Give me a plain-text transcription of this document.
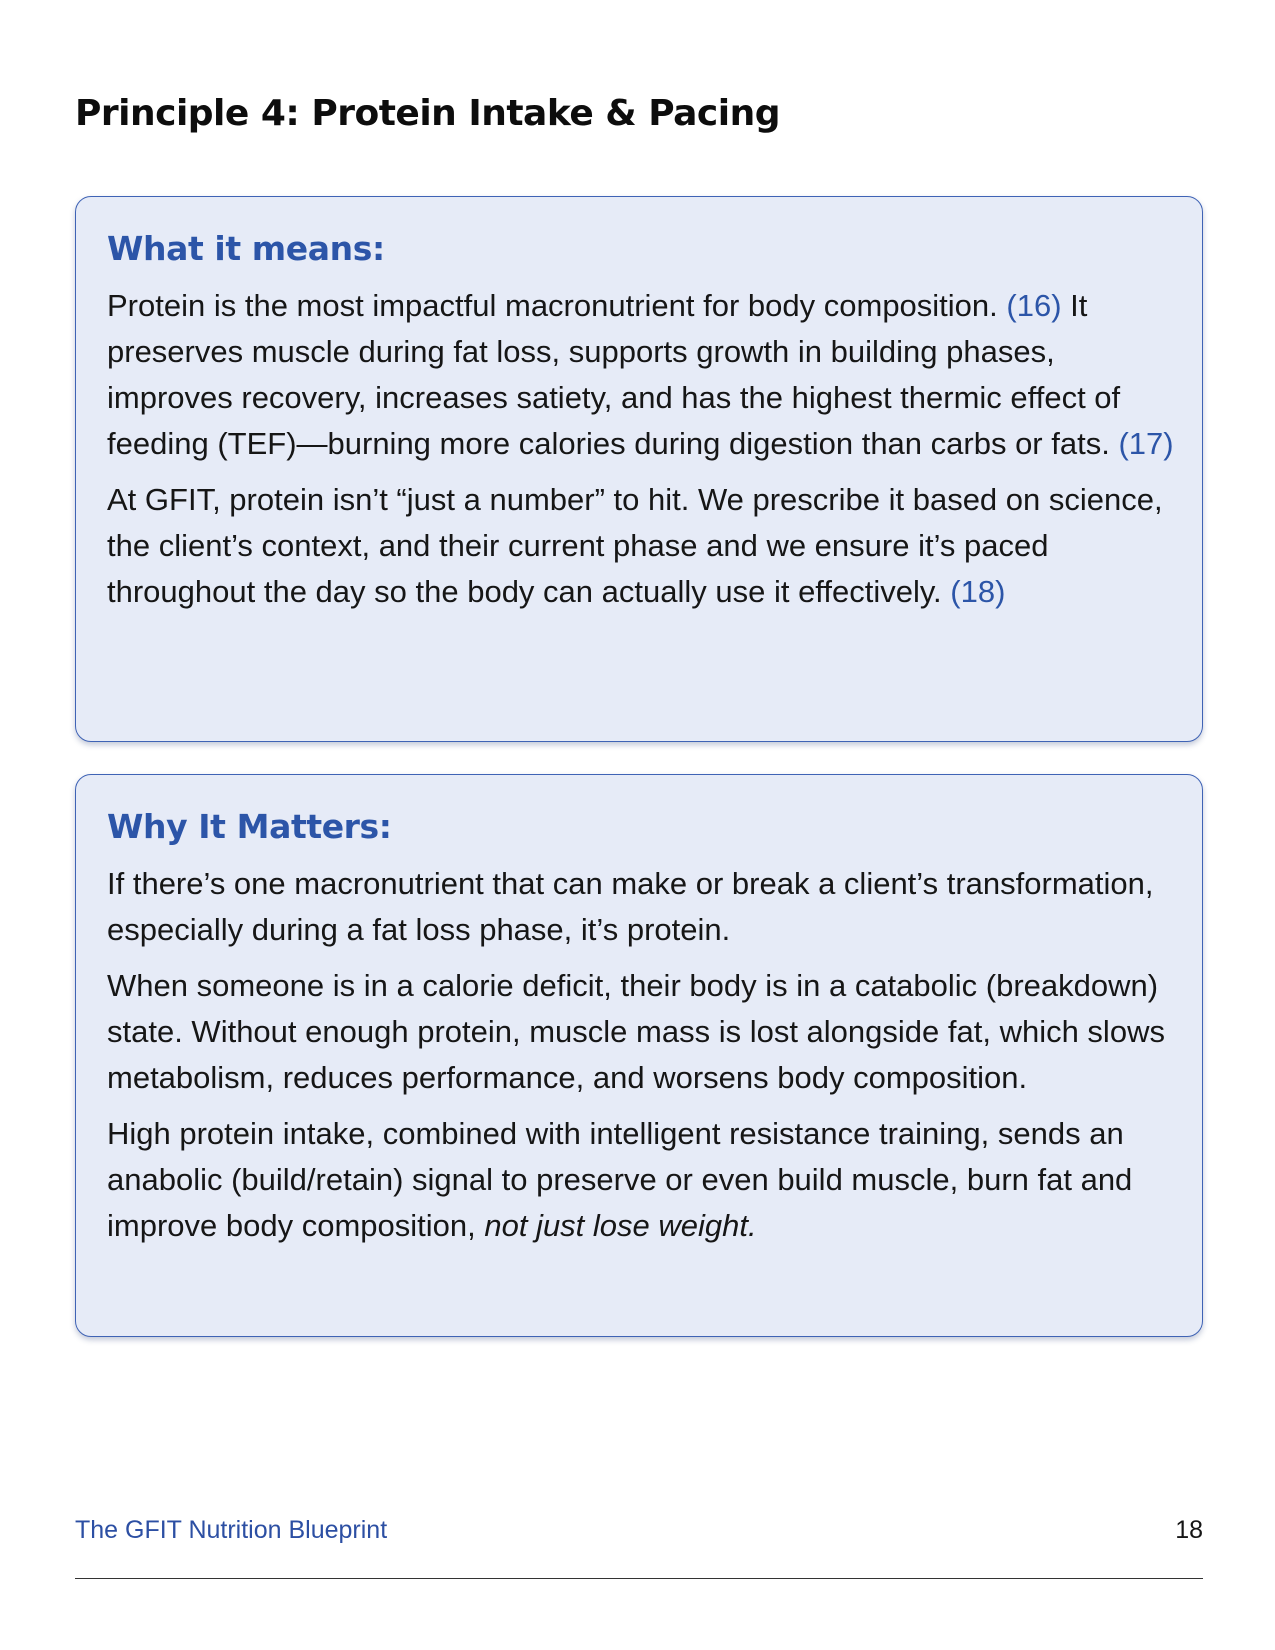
Principle 4: Protein Intake & Pacing
What it means:

Protein is the most impactful macronutrient for body composition. (16) It preserves muscle during fat loss, supports growth in building phases, improves recovery, increases satiety, and has the highest thermic effect of feeding (TEF)—burning more calories during digestion than carbs or fats. (17)

At GFIT, protein isn’t “just a number” to hit. We prescribe it based on science, the client’s context, and their current phase and we ensure it’s paced throughout the day so the body can actually use it effectively. (18)

Why It Matters:

If there’s one macronutrient that can make or break a client’s transformation, especially during a fat loss phase, it’s protein.

When someone is in a calorie deficit, their body is in a catabolic (breakdown) state. Without enough protein, muscle mass is lost alongside fat, which slows metabolism, reduces performance, and worsens body composition.

High protein intake, combined with intelligent resistance training, sends an anabolic (build/retain) signal to preserve or even build muscle, burn fat and improve body composition, not just lose weight.

The GFIT Nutrition Blueprint	18
